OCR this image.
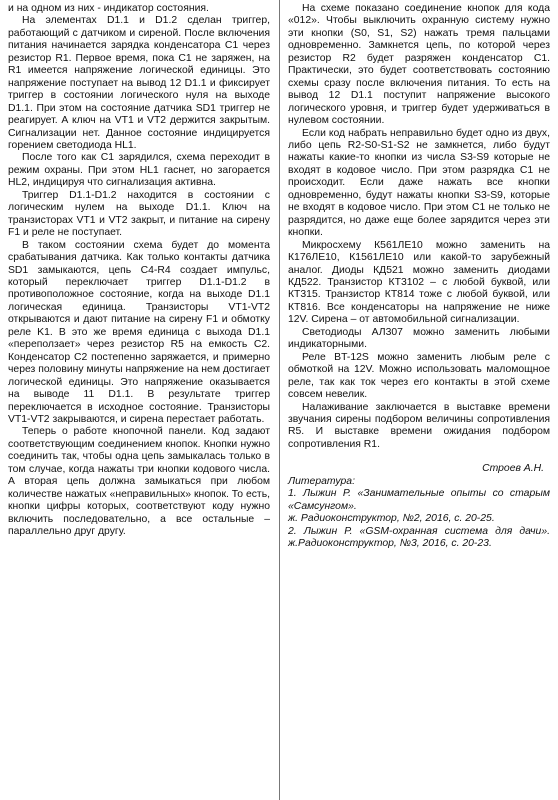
и на одном из них - индикатор состояния.

На элементах D1.1 и D1.2 сделан триггер, работающий с датчиком и сиреной. После включения питания начинается зарядка конденсатора C1 через резистор R1. Первое время, пока C1 не заряжен, на R1 имеется напряжение логической единицы. Это напряжение поступает на вывод 12 D1.1 и фиксирует триггер в состоянии логического нуля на выходе D1.1. При этом на состояние датчика SD1 триггер не реагирует. А ключ на VT1 и VT2 держится закрытым. Сигнализации нет. Данное состояние индицируется горением светодиода HL1.

После того как C1 зарядился, схема переходит в режим охраны. При этом HL1 гаснет, но загорается HL2, индицируя что сигнализация активна.

Триггер D1.1-D1.2 находится в состоянии с логическим нулем на выходе D1.1. Ключ на транзисторах VT1 и VT2 закрыт, и питание на сирену F1 и реле не поступает.

В таком состоянии схема будет до момента срабатывания датчика. Как только контакты датчика SD1 замыкаются, цепь C4-R4 создает импульс, который переключает триггер D1.1-D1.2 в противоположное состояние, когда на выходе D1.1 логическая единица. Транзисторы VT1-VT2 открываются и дают питание на сирену F1 и обмотку реле K1. В это же время единица с выхода D1.1 «переползает» через резистор R5 на емкость C2. Конденсатор C2 постепенно заряжается, и примерно через половину минуты напряжение на нем достигает логической единицы. Это напряжение оказывается на выводе 11 D1.1. В результате триггер переключается в исходное состояние. Транзисторы VT1-VT2 закрываются, и сирена перестает работать.

Теперь о работе кнопочной панели. Код задают соответствующим соединением кнопок. Кнопки нужно соединить так, чтобы одна цепь замыкалась только в том случае, когда нажаты три кнопки кодового числа. А вторая цепь должна замыкаться при любом количестве нажатых «неправильных» кнопок. То есть, кнопки цифры которых, соответствуют коду нужно включить последовательно, а все остальные – параллельно друг другу.

На схеме показано соединение кнопок для кода «012». Чтобы выключить охранную систему нужно эти кнопки (S0, S1, S2) нажать тремя пальцами одновременно. Замкнется цепь, по которой через резистор R2 будет разряжен конденсатор C1. Практически, это будет соответствовать состоянию схемы сразу после включения питания. То есть на вывод 12 D1.1 поступит напряжение высокого логического уровня, и триггер будет удерживаться в нулевом состоянии.

Если код набрать неправильно будет одно из двух, либо цепь R2-S0-S1-S2 не замкнется, либо будут нажаты какие-то кнопки из числа S3-S9 которые не входят в кодовое число. При этом разрядка C1 не происходит. Если даже нажать все кнопки одновременно, будут нажаты кнопки S3-S9, которые не входят в кодовое число. При этом C1 не только не разрядится, но даже еще более зарядится через эти кнопки.

Микросхему К561ЛЕ10 можно заменить на К176ЛЕ10, К1561ЛЕ10 или какой-то зарубежный аналог. Диоды КД521 можно заменить диодами КД522. Транзистор КТ3102 – с любой буквой, или КТ315. Транзистор КТ814 тоже с любой буквой, или КТ816. Все конденсаторы на напряжение не ниже 12V. Сирена – от автомобильной сигнализации.

Светодиоды АЛ307 можно заменить любыми индикаторными.

Реле BT-12S можно заменить любым реле с обмоткой на 12V. Можно использовать маломощное реле, так как ток через его контакты в этой схеме совсем невелик.

Налаживание заключается в выставке времени звучания сирены подбором величины сопротивления R5. И выставке времени ожидания подбором сопротивления R1.

Строев А.Н.

Литература:

1. Лыжин Р. «Занимательные опыты со старым «Самсунгом».

ж. Радиоконструктор, №2, 2016, с. 20-25.

2. Лыжин Р. «GSM-охранная система для дачи». ж.Радиоконструктор, №3, 2016, с. 20-23.
